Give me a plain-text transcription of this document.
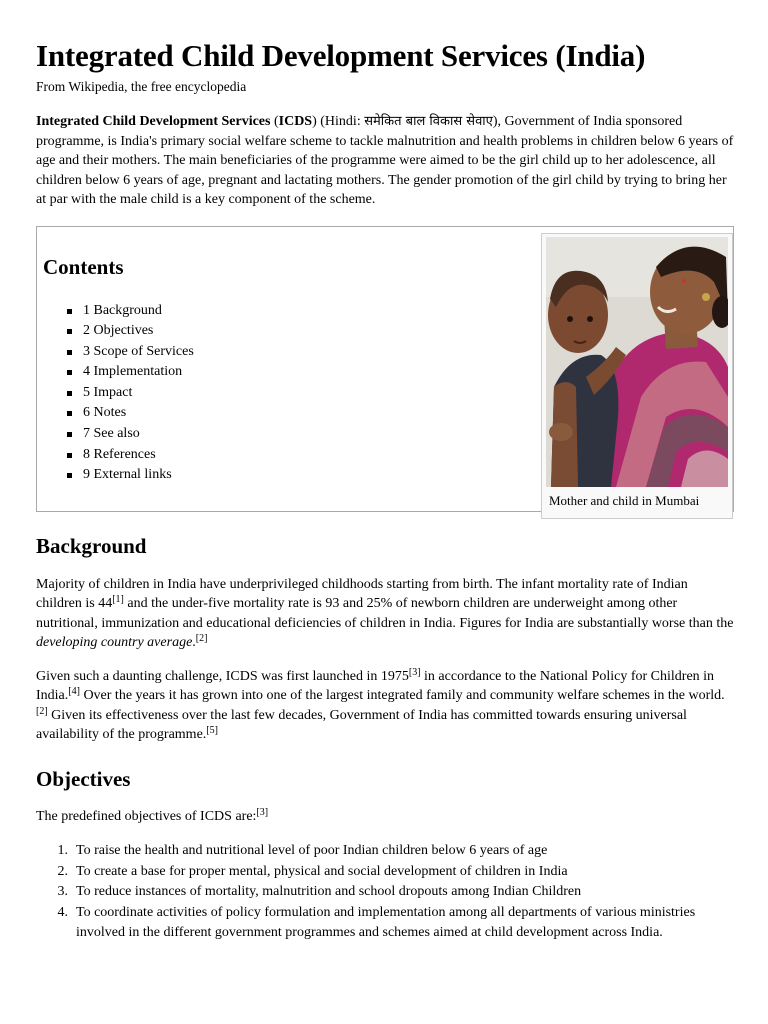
Integrated Child Development Services (India)
From Wikipedia, the free encyclopedia

Integrated Child Development Services (ICDS) (Hindi: समेकित बाल विकास सेवाए), Government of India sponsored programme, is India's primary social welfare scheme to tackle malnutrition and health problems in children below 6 years of age and their mothers. The main beneficiaries of the programme were aimed to be the girl child up to her adolescence, all children below 6 years of age, pregnant and lactating mothers. The gender promotion of the girl child by trying to bring her at par with the male child is a key component of the scheme.

Contents
1 Background
2 Objectives
3 Scope of Services
4 Implementation
5 Impact
6 Notes
7 See also
8 References
9 External links
Mother and child in Mumbai
Background

Majority of children in India have underprivileged childhoods starting from birth. The infant mortality rate of Indian children is 44[1] and the under-five mortality rate is 93 and 25% of newborn children are underweight among other nutritional, immunization and educational deficiencies of children in India. Figures for India are substantially worse than the developing country average.[2]

Given such a daunting challenge, ICDS was first launched in 1975[3] in accordance to the National Policy for Children in India.[4] Over the years it has grown into one of the largest integrated family and community welfare schemes in the world.[2] Given its effectiveness over the last few decades, Government of India has committed towards ensuring universal availability of the programme.[5]

Objectives

The predefined objectives of ICDS are:[3]

1. To raise the health and nutritional level of poor Indian children below 6 years of age
2. To create a base for proper mental, physical and social development of children in India
3. To reduce instances of mortality, malnutrition and school dropouts among Indian Children
4. To coordinate activities of policy formulation and implementation among all departments of various ministries involved in the different government programmes and schemes aimed at child development across India.
